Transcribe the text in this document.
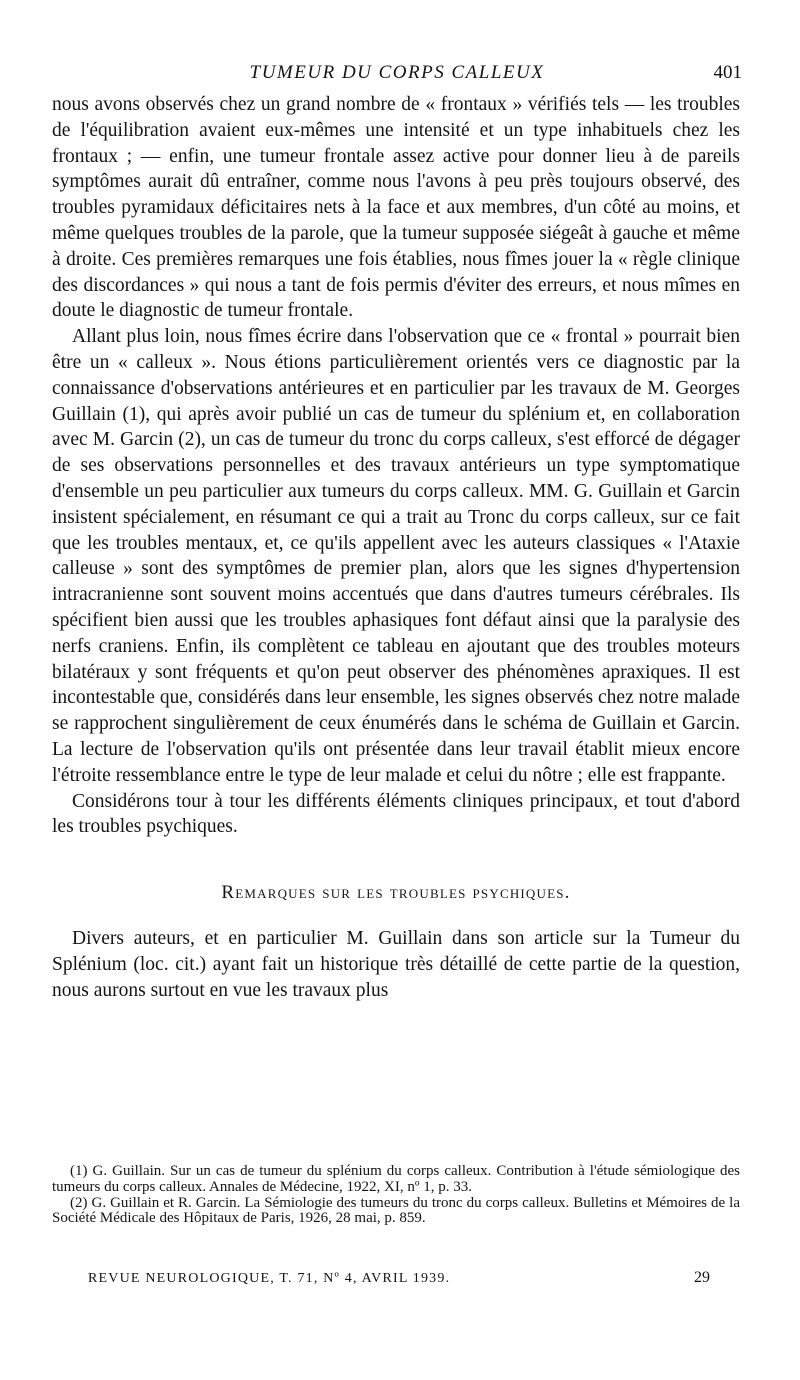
TUMEUR DU CORPS CALLEUX	401

nous avons observés chez un grand nombre de « frontaux » vérifiés tels — les troubles de l'équilibration avaient eux-mêmes une intensité et un type inhabituels chez les frontaux ; — enfin, une tumeur frontale assez active pour donner lieu à de pareils symptômes aurait dû entraîner, comme nous l'avons à peu près toujours observé, des troubles pyramidaux déficitaires nets à la face et aux membres, d'un côté au moins, et même quelques troubles de la parole, que la tumeur supposée siégeât à gauche et même à droite. Ces premières remarques une fois établies, nous fîmes jouer la « règle clinique des discordances » qui nous a tant de fois permis d'éviter des erreurs, et nous mîmes en doute le diagnostic de tumeur frontale.

Allant plus loin, nous fîmes écrire dans l'observation que ce « frontal » pourrait bien être un « calleux ». Nous étions particulièrement orientés vers ce diagnostic par la connaissance d'observations antérieures et en particulier par les travaux de M. Georges Guillain (1), qui après avoir publié un cas de tumeur du splénium et, en collaboration avec M. Garcin (2), un cas de tumeur du tronc du corps calleux, s'est efforcé de dégager de ses observations personnelles et des travaux antérieurs un type symptomatique d'ensemble un peu particulier aux tumeurs du corps calleux. MM. G. Guillain et Garcin insistent spécialement, en résumant ce qui a trait au Tronc du corps calleux, sur ce fait que les troubles mentaux, et, ce qu'ils appellent avec les auteurs classiques « l'Ataxie calleuse » sont des symptômes de premier plan, alors que les signes d'hypertension intracranienne sont souvent moins accentués que dans d'autres tumeurs cérébrales. Ils spécifient bien aussi que les troubles aphasiques font défaut ainsi que la paralysie des nerfs craniens. Enfin, ils complètent ce tableau en ajoutant que des troubles moteurs bilatéraux y sont fréquents et qu'on peut observer des phénomènes apraxiques. Il est incontestable que, considérés dans leur ensemble, les signes observés chez notre malade se rapprochent singulièrement de ceux énumérés dans le schéma de Guillain et Garcin. La lecture de l'observation qu'ils ont présentée dans leur travail établit mieux encore l'étroite ressemblance entre le type de leur malade et celui du nôtre ; elle est frappante.

Considérons tour à tour les différents éléments cliniques principaux, et tout d'abord les troubles psychiques.

Remarques sur les troubles psychiques.

Divers auteurs, et en particulier M. Guillain dans son article sur la Tumeur du Splénium (loc. cit.) ayant fait un historique très détaillé de cette partie de la question, nous aurons surtout en vue les travaux plus

(1) G. Guillain. Sur un cas de tumeur du splénium du corps calleux. Contribution à l'étude sémiologique des tumeurs du corps calleux. Annales de Médecine, 1922, XI, nº 1, p. 33.

(2) G. Guillain et R. Garcin. La Sémiologie des tumeurs du tronc du corps calleux. Bulletins et Mémoires de la Société Médicale des Hôpitaux de Paris, 1926, 28 mai, p. 859.

REVUE NEUROLOGIQUE, T. 71, Nº 4, AVRIL 1939.	29
